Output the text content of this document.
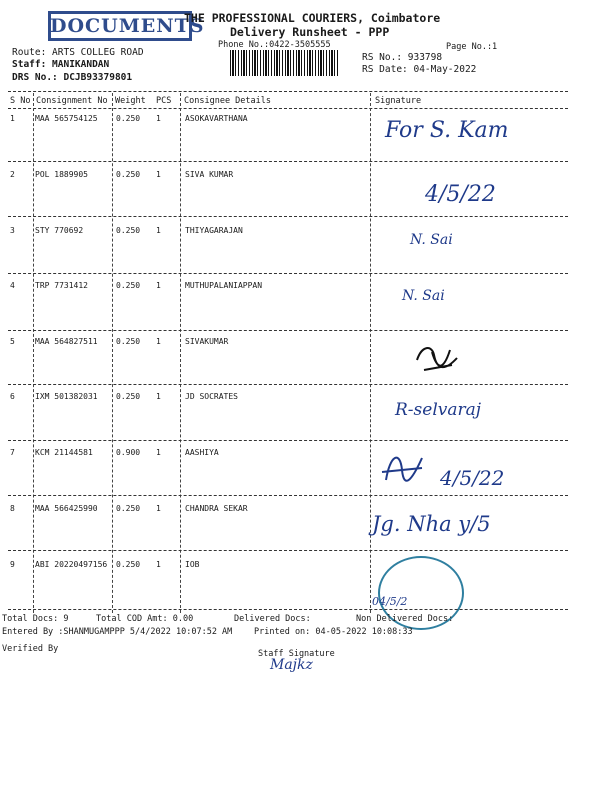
DOCUMENTS
THE PROFESSIONAL COURIERS, Coimbatore
Delivery Runsheet - PPP
Phone No.:0422-3505555	Page No.:1
Route: ARTS COLLEG ROAD
Staff: MANIKANDAN
DRS No.: DCJB93379801
RS No.: 933798
RS Date: 04-May-2022
S No Consignment No Weight PCS Consignee Details	Signature
1	MAA 565754125 0.250 1	ASOKAVARTHANA	For S. Kam
2	POL 1889905	0.250 1	SIVA KUMAR
4/5/22
3	STY 770692	0.250 1	THIYAGARAJAN
N. Sai
4	TRP 7731412	0.250 1	MUTHUPALANIAPPAN
N. Sai
5	MAA 564827511 0.250 1	SIVAKUMAR
6	IXM 501382031 0.250 1	JD SOCRATES
R-selvaraj
7	KCM 21144581	0.900 1	AASHIYA
4/5/22
8	MAA 566425990 0.250 1	CHANDRA SEKAR
Jg. Nha y/5
9	ABI 20220497156 0.250 1	IOB
04/5/2
Total Docs: 9	Total COD Amt: 0.00	Delivered Docs:	Non Delivered Docs:
Entered By :SHANMUGAMPPP 5/4/2022 10:07:52 AM	Printed on: 04-05-2022 10:08:33
Verified By	Staff Signature
Majkz
